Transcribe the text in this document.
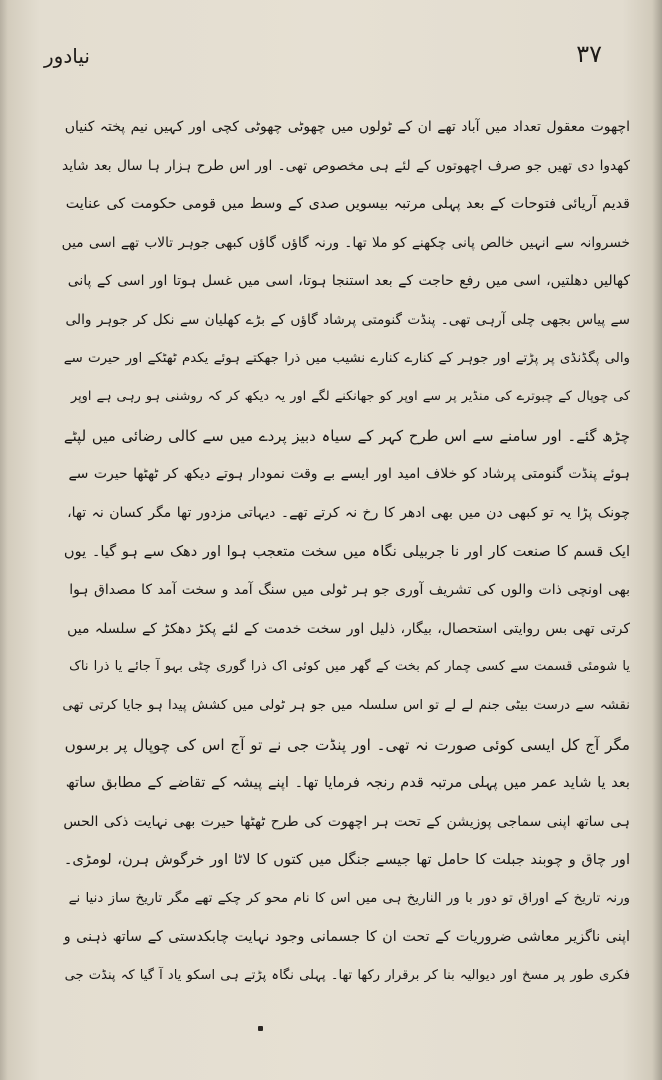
۳۷
نیادور
اچھوت معقول تعداد میں آباد تھے ان کے ٹولوں میں چھوٹی چھوٹی کچی اور کہیں نیم پختہ کنیاں
کھدوا دی تھیں جو صرف اچھوتوں کے لئے ہی مخصوص تھی۔ اور اس طرح ہزار ہا سال بعد شاید
قدیم آریائی فتوحات کے بعد پہلی مرتبہ بیسویں صدی کے وسط میں قومی حکومت کی عنایت
خسروانہ سے انہیں خالص پانی چکھنے کو ملا تھا۔ ورنہ گاؤں گاؤں کبھی جوہر تالاب تھے اسی میں
کھالیں دھلتیں، اسی میں رفع حاجت کے بعد استنجا ہوتا، اسی میں غسل ہوتا اور اسی کے پانی
سے پیاس بجھی چلی آرہی تھی۔ پنڈت گنومتی پرشاد گاؤں کے بڑے کھلیان سے نکل کر جوہر والی
والی پگڈنڈی پر پڑتے اور جوہر کے کنارے کنارے نشیب میں ذرا جھکتے ہوئے یکدم ٹھٹکے اور حیرت سے
کی چوپال کے چبوترے کی منڈیر پر سے اوپر کو جھانکنے لگے اور یہ دیکھ کر کہ روشنی ہو رہی ہے اوپر
چڑھ گئے۔ اور سامنے سے اس طرح کہر کے سیاہ دبیز پردے میں سے کالی رضائی میں لپٹے
ہوئے پنڈت گنومتی پرشاد کو خلاف امید اور ایسے بے وقت نمودار ہوتے دیکھ کر ٹھٹھا حیرت سے
چونک پڑا یہ تو کبھی دن میں بھی ادھر کا رخ نہ کرتے تھے۔ دیہاتی مزدور تھا مگر کسان نہ تھا،
ایک قسم کا صنعت کار اور نا جربیلی نگاہ میں سخت متعجب ہوا اور دھک سے ہو گیا۔ یوں
بھی اونچی ذات والوں کی تشریف آوری جو ہر ٹولی میں سنگ آمد و سخت آمد کا مصداق ہوا
کرتی تھی بس روایتی استحصال، بیگار، ذلیل اور سخت خدمت کے لئے پکڑ دھکڑ کے سلسلہ میں
یا شومئی قسمت سے کسی چمار کم بخت کے گھر میں کوئی اک ذرا گوری چٹی بہو آ جائے یا ذرا ناک
نقشہ سے درست بیٹی جنم لے لے تو اس سلسلہ میں جو ہر ٹولی میں کشش پیدا ہو جایا کرتی تھی
مگر آج کل ایسی کوئی صورت نہ تھی۔ اور پنڈت جی نے تو آج اس کی چوپال پر برسوں
بعد یا شاید عمر میں پہلی مرتبہ قدم رنجہ فرمایا تھا۔ اپنے پیشہ کے تقاضے کے مطابق ساتھ
ہی ساتھ اپنی سماجی پوزیشن کے تحت ہر اچھوت کی طرح ٹھٹھا حیرت بھی نہایت ذکی الحس
اور چاق و چوبند جبلت کا حامل تھا جیسے جنگل میں کتوں کا لاٹا اور خرگوش ہرن، لومڑی۔
ورنہ تاریخ کے اوراق تو دور با ور الناریخ ہی میں اس کا نام محو کر چکے تھے مگر تاریخ ساز دنیا نے
اپنی ناگزیر معاشی ضروریات کے تحت ان کا جسمانی وجود نہایت چابکدستی کے ساتھ ذہنی و
فکری طور پر مسخ اور دیوالیہ بنا کر برقرار رکھا تھا۔ پہلی نگاہ پڑتے ہی اسکو یاد آ گیا کہ پنڈت جی
